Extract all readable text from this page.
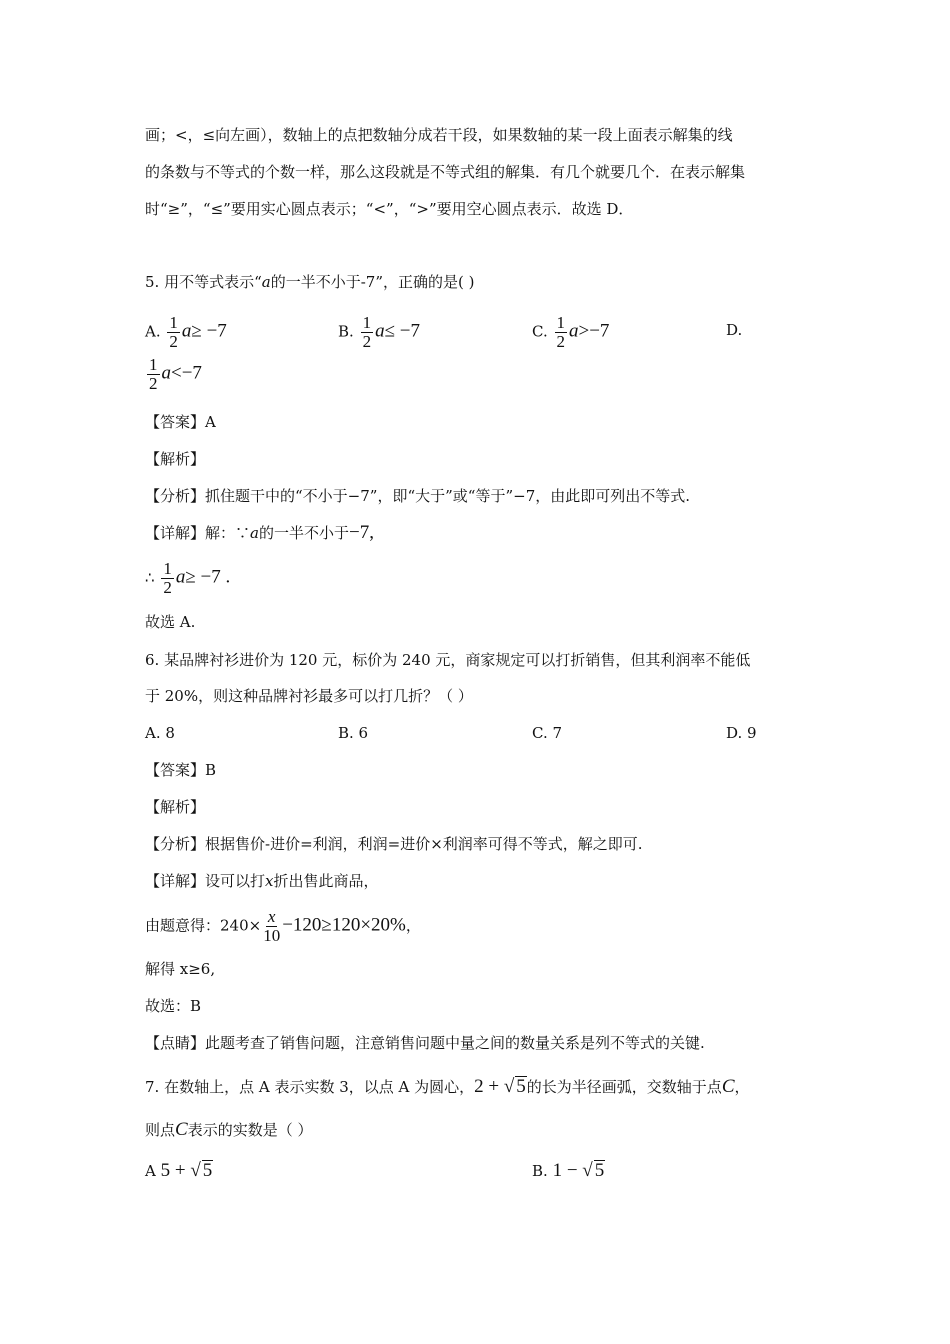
画；<，≤向左画），数轴上的点把数轴分成若干段，如果数轴的某一段上面表示解集的线
的条数与不等式的个数一样，那么这段就是不等式组的解集．有几个就要几个．在表示解集
时“≥”，“≤”要用实心圆点表示；“<”，“>”要用空心圆点表示．故选 D．
5. 用不等式表示“a的一半不小于-7”，正确的是( )
A. $\frac{1}{2} a\ge -7$	B. $\frac{1}{2} a\le -7$	C. $\frac{1}{2} a>-7$	D.
$\frac{1}{2} a<-7$
【答案】A
【解析】
【分析】抓住题干中的“不小于−7”，即“大于”或“等于”−7，由此即可列出不等式.
【详解】解：∵a的一半不小于−7,
∴ $\frac{1}{2} a\ge -7$ .
故选 A.
6. 某品牌衬衫进价为 120 元，标价为 240 元，商家规定可以打折销售，但其利润率不能低
于 20%，则这种品牌衬衫最多可以打几折？（ ）
A. 8	B. 6	C. 7	D. 9
【答案】B
【解析】
【分析】根据售价-进价=利润，利润=进价×利润率可得不等式，解之即可.
【详解】设可以打x折出售此商品，
由题意得：$240\times \frac{x}{10} -120\ge 120\times 20\%$，
解得 x≥6,
故选：B
【点睛】此题考查了销售问题，注意销售问题中量之间的数量关系是列不等式的关键.
7. 在数轴上，点 A 表示实数 3，以点 A 为圆心，2 + √ 5的长为半径画弧，交数轴于点C，
则点C表示的实数是（ ）
A 5 + √ 5	B. 1 − √ 5
